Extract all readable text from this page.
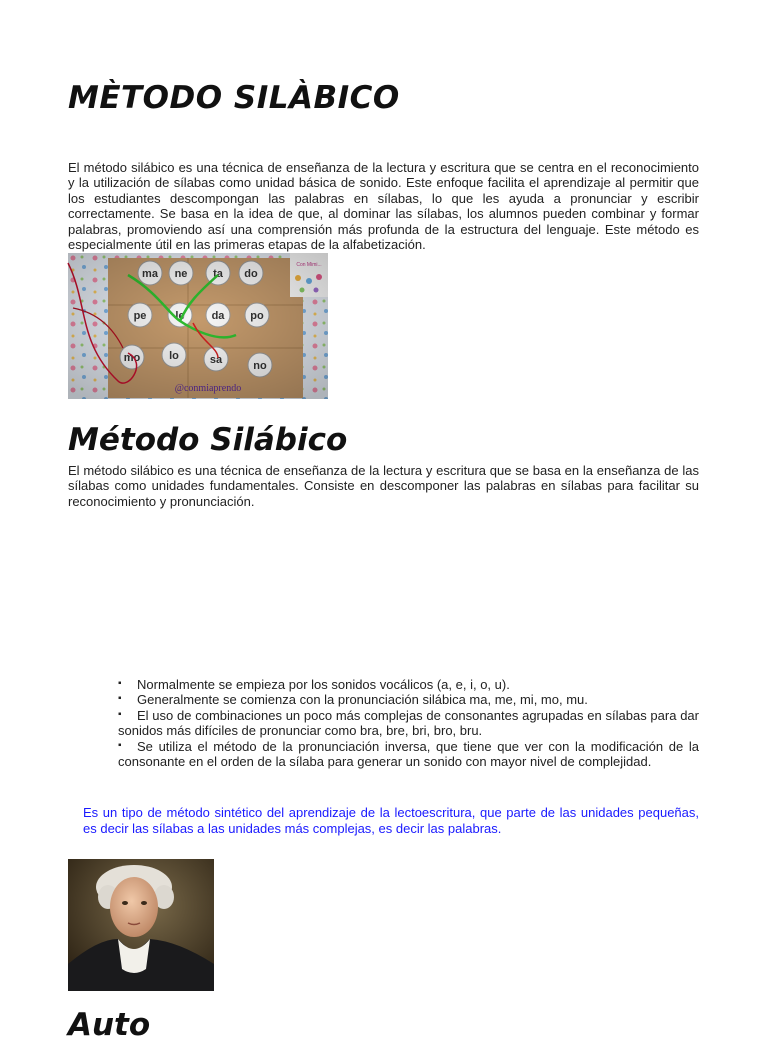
MÈTODO SILÀBICO

El método silábico es una técnica de enseñanza de la lectura y escritura que se centra en el reconocimiento y la utilización de sílabas como unidad básica de sonido. Este enfoque facilita el aprendizaje al permitir que los estudiantes descompongan las palabras en sílabas, lo que les ayuda a pronunciar y escribir correctamente. Se basa en la idea de que, al dominar las sílabas, los alumnos pueden combinar y formar palabras, promoviendo así una comprensión más profunda de la estructura del lenguaje. Este método es especialmente útil en las primeras etapas de la alfabetización.

Método Silábico

El método silábico es una técnica de enseñanza de la lectura y escritura que se basa en la enseñanza de las sílabas como unidades fundamentales. Consiste en descomponer las palabras en sílabas para facilitar su reconocimiento y pronunciación.

▪ Normalmente se empieza por los sonidos vocálicos (a, e, i, o, u).
▪ Generalmente se comienza con la pronunciación silábica ma, me, mi, mo, mu.
▪ El uso de combinaciones un poco más complejas de consonantes agrupadas en sílabas para dar sonidos más difíciles de pronunciar como bra, bre, bri, bro, bru.
▪ Se utiliza el método de la pronunciación inversa, que tiene que ver con la modificación de la consonante en el orden de la sílaba para generar un sonido con mayor nivel de complejidad.

Es un tipo de método sintético del aprendizaje de la lectoescritura, que parte de las unidades pequeñas, es decir las sílabas a las unidades más complejas, es decir las palabras.

Auto
